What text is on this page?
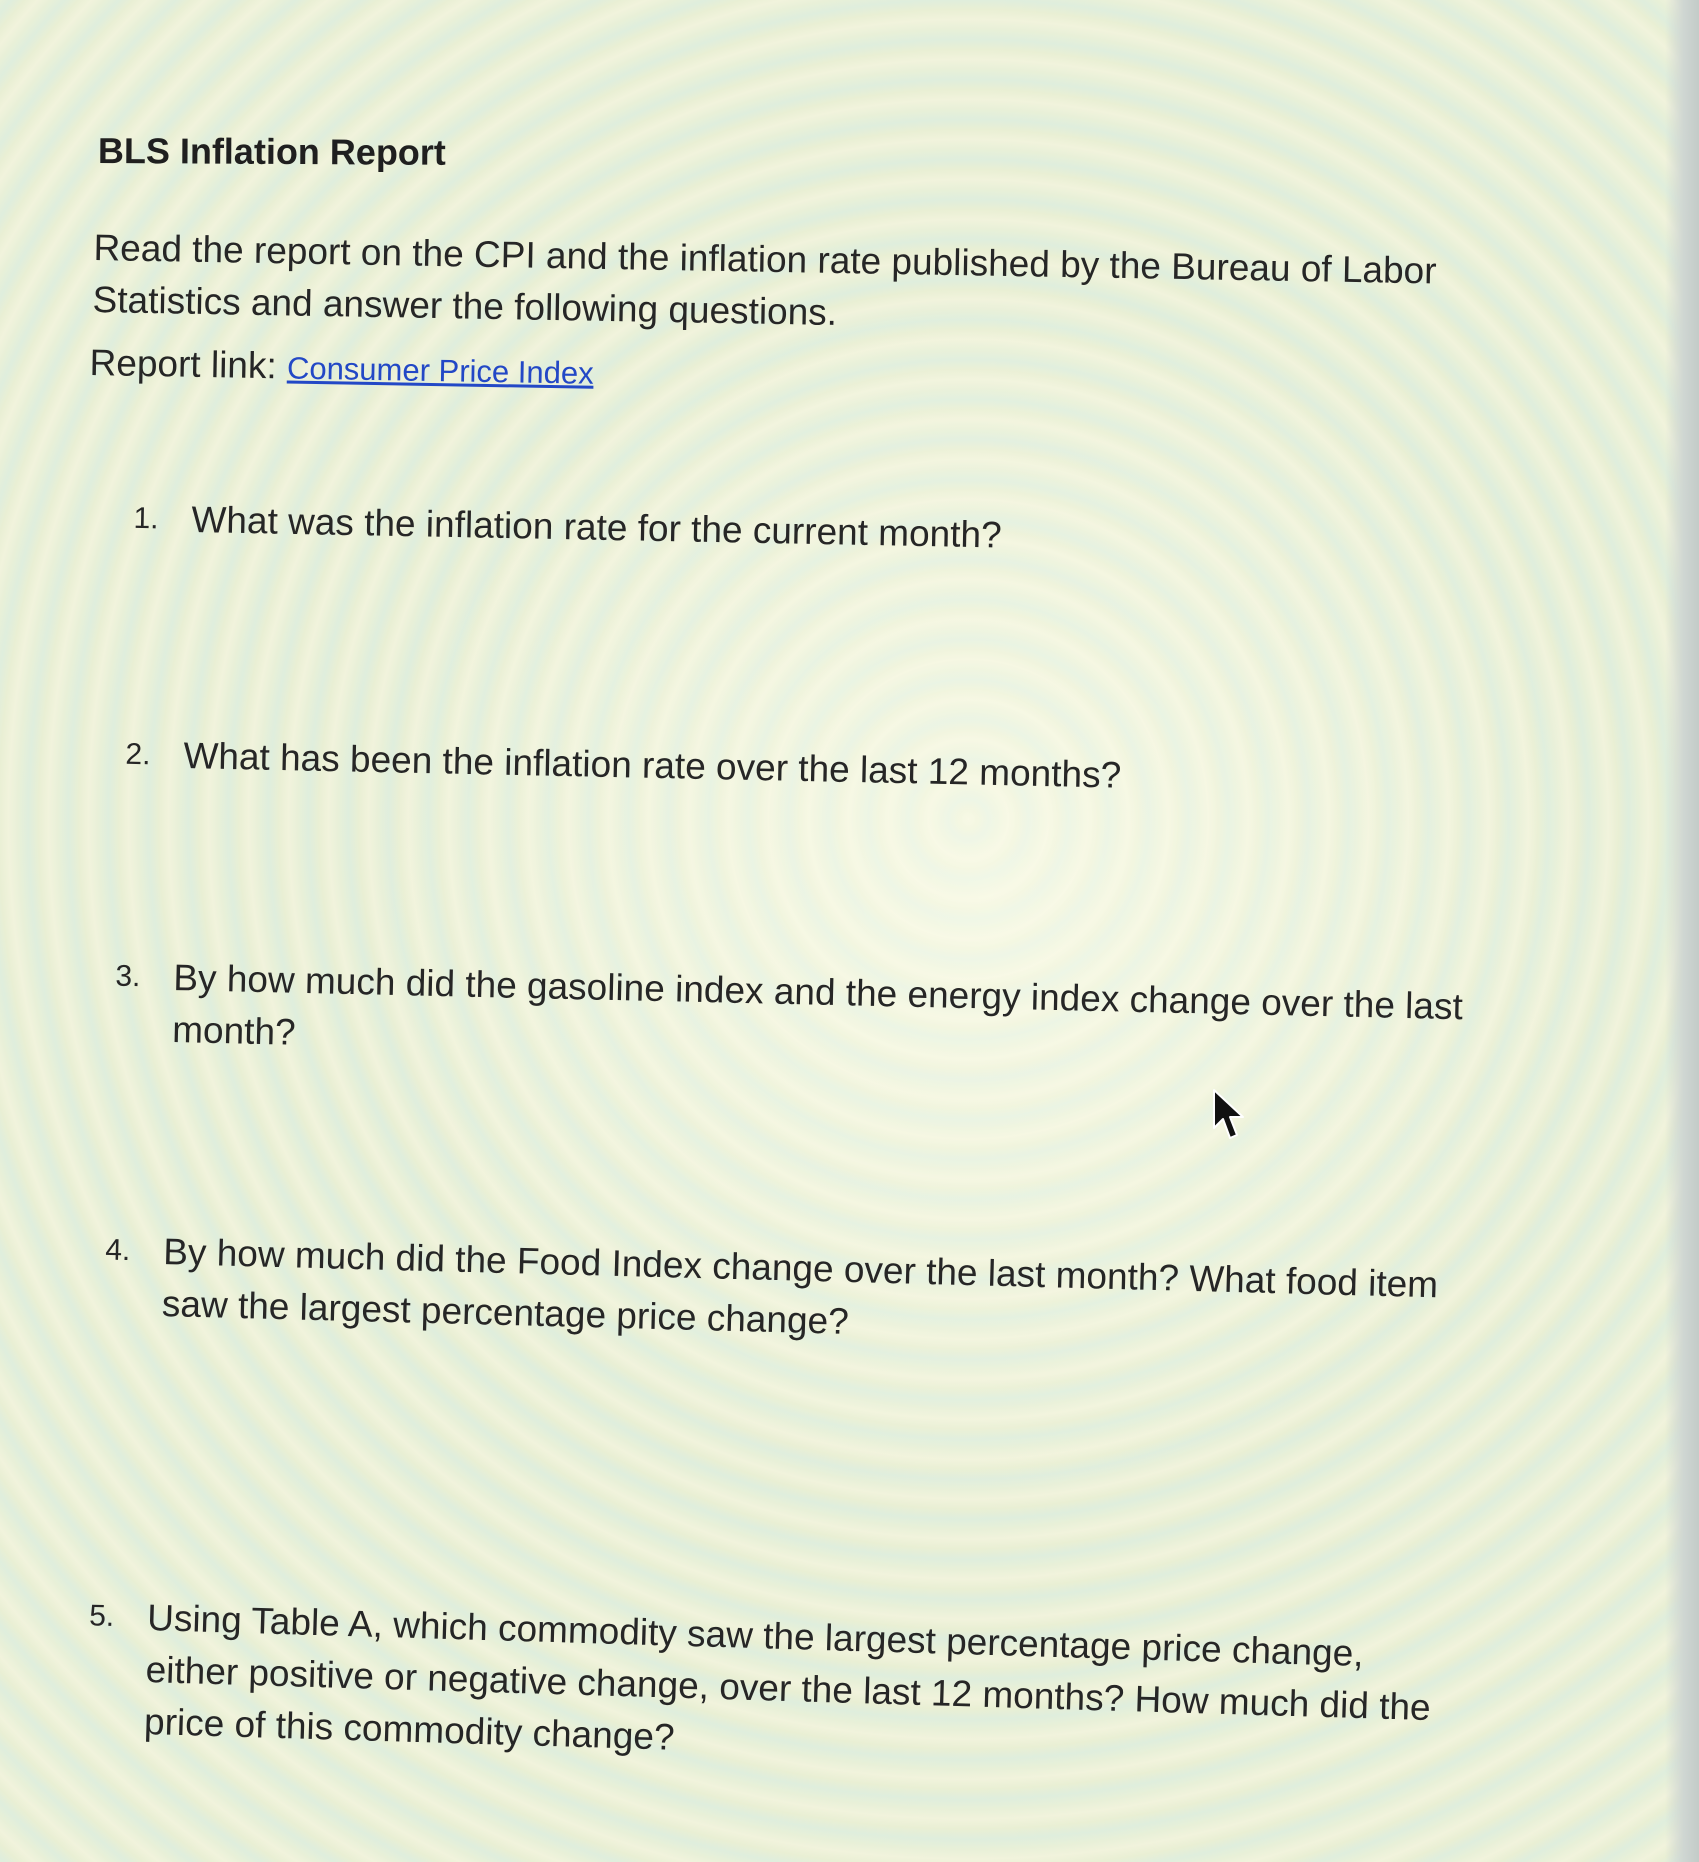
BLS Inflation Report
Read the report on the CPI and the inflation rate published by the Bureau of Labor Statistics and answer the following questions.
Report link: Consumer Price Index
1. What was the inflation rate for the current month?
2. What has been the inflation rate over the last 12 months?
3. By how much did the gasoline index and the energy index change over the last month?
4. By how much did the Food Index change over the last month? What food item saw the largest percentage price change?
5. Using Table A, which commodity saw the largest percentage price change, either positive or negative change, over the last 12 months? How much did the price of this commodity change?
